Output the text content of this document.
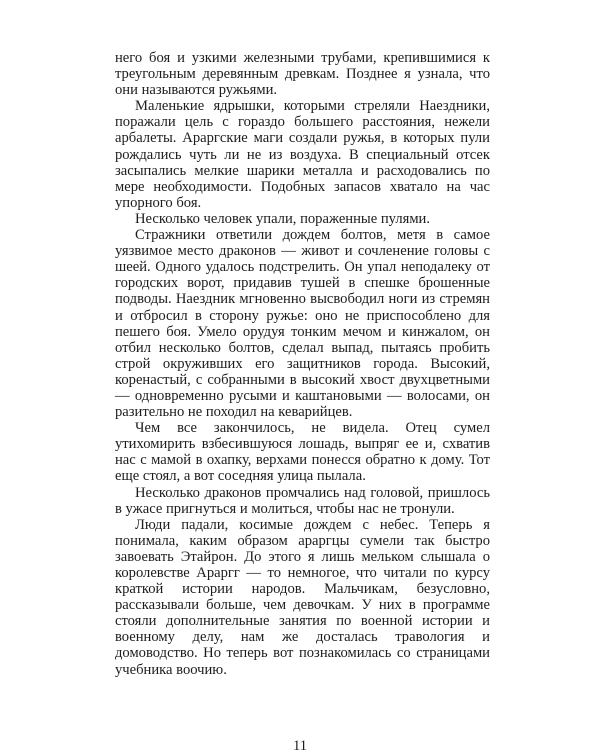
него боя и узкими железными трубами, крепившимися к треугольным деревянным древкам. Позднее я узнала, что они называются ружьями.

Маленькие ядрышки, которыми стреляли Наездники, поражали цель с гораздо большего расстояния, нежели арбалеты. Араргские маги создали ружья, в которых пули рождались чуть ли не из воздуха. В специальный отсек засыпались мелкие шарики металла и расходовались по мере необходимости. Подобных запасов хватало на час упорного боя.

Несколько человек упали, пораженные пулями.

Стражники ответили дождем болтов, метя в самое уязвимое место драконов — живот и сочленение головы с шеей. Одного удалось подстрелить. Он упал неподалеку от городских ворот, придавив тушей в спешке брошенные подводы. Наездник мгновенно высвободил ноги из стремян и отбросил в сторону ружье: оно не приспособлено для пешего боя. Умело орудуя тонким мечом и кинжалом, он отбил несколько болтов, сделал выпад, пытаясь пробить строй окруживших его защитников города. Высокий, коренастый, с собранными в высокий хвост двухцветными — одновременно русыми и каштановыми — волосами, он разительно не походил на кеварийцев.

Чем все закончилось, не видела. Отец сумел утихомирить взбесившуюся лошадь, выпряг ее и, схватив нас с мамой в охапку, верхами понесся обратно к дому. Тот еще стоял, а вот соседняя улица пылала.

Несколько драконов промчались над головой, пришлось в ужасе пригнуться и молиться, чтобы нас не тронули.

Люди падали, косимые дождем с небес. Теперь я понимала, каким образом араргцы сумели так быстро завоевать Этайрон. До этого я лишь мельком слышала о королевстве Араргг — то немногое, что читали по курсу краткой истории народов. Мальчикам, безусловно, рассказывали больше, чем девочкам. У них в программе стояли дополнительные занятия по военной истории и военному делу, нам же досталась травология и домоводство. Но теперь вот познакомилась со страницами учебника воочию.

11
